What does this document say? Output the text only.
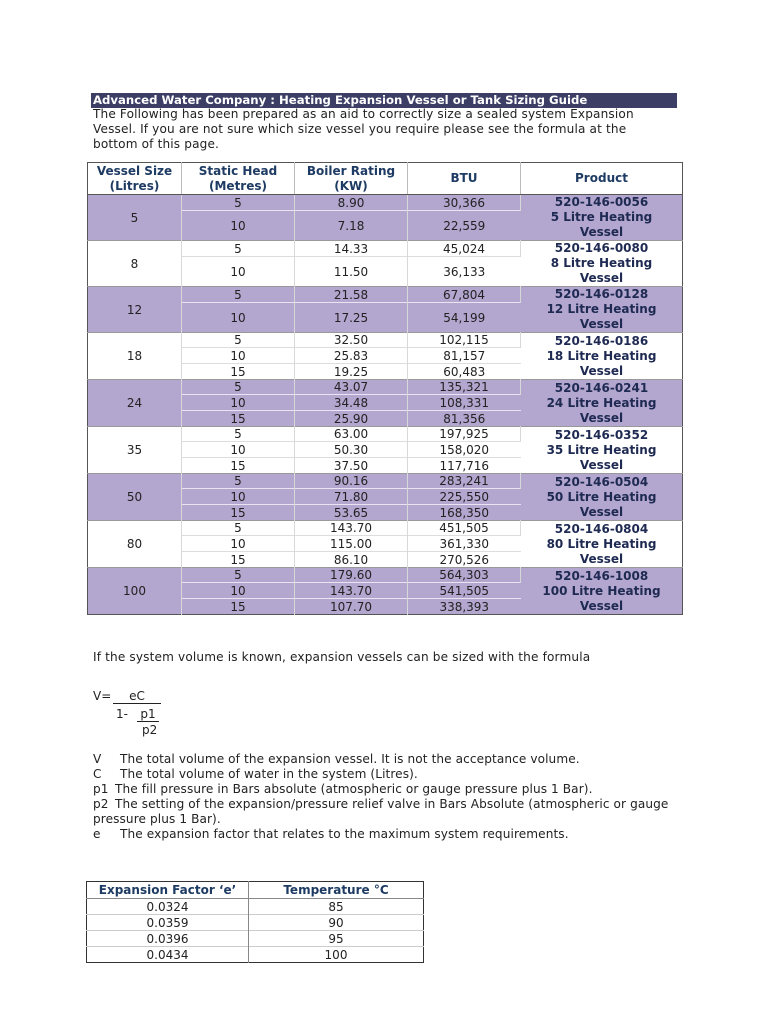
Advanced Water Company : Heating Expansion Vessel or Tank Sizing Guide
The Following has been prepared as an aid to correctly size a sealed system Expansion
Vessel. If you are not sure which size vessel you require please see the formula at the
bottom of this page.
Vessel Size (Litres)	Static Head (Metres)	Boiler Rating (KW)	BTU	Product
5	5	8.90	30,366	520-146-0056
5 Litre Heating Vessel

	10	7.18	22,559	
8	5	14.33	45,024	520-146-0080
8 Litre Heating Vessel

	10	11.50	36,133	
12	5	21.58	67,804	520-146-0128
12 Litre Heating Vessel

	10	17.25	54,199	
18	5	32.50	102,115	520-146-0186
18 Litre Heating Vessel

	10	25.83	81,157	
	15	19.25	60,483	
24	5	43.07	135,321	520-146-0241
24 Litre Heating Vessel

	10	34.48	108,331	
	15	25.90	81,356	
35	5	63.00	197,925	520-146-0352
35 Litre Heating Vessel

	10	50.30	158,020	
	15	37.50	117,716	
50	5	90.16	283,241	520-146-0504
50 Litre Heating Vessel

	10	71.80	225,550	
	15	53.65	168,350	
80	5	143.70	451,505	520-146-0804
80 Litre Heating Vessel

	10	115.00	361,330	
	15	86.10	270,526	
100	5	179.60	564,303	520-146-1008
100 Litre Heating Vessel

	10	143.70	541,505	
	15	107.70	338,393	
If the system volume is known, expansion vessels can be sized with the formula
V=	eC
1- p1
p2
V	The total volume of the expansion vessel. It is not the acceptance volume.
C	The total volume of water in the system (Litres).
p1 The fill pressure in Bars absolute (atmospheric or gauge pressure plus 1 Bar).
p2 The setting of the expansion/pressure relief valve in Bars Absolute (atmospheric or gauge pressure plus 1 Bar).
e	The expansion factor that relates to the maximum system requirements.
Expansion Factor ‘e’	Temperature °C
0.0324	85
0.0359	90
0.0396	95
0.0434	100
